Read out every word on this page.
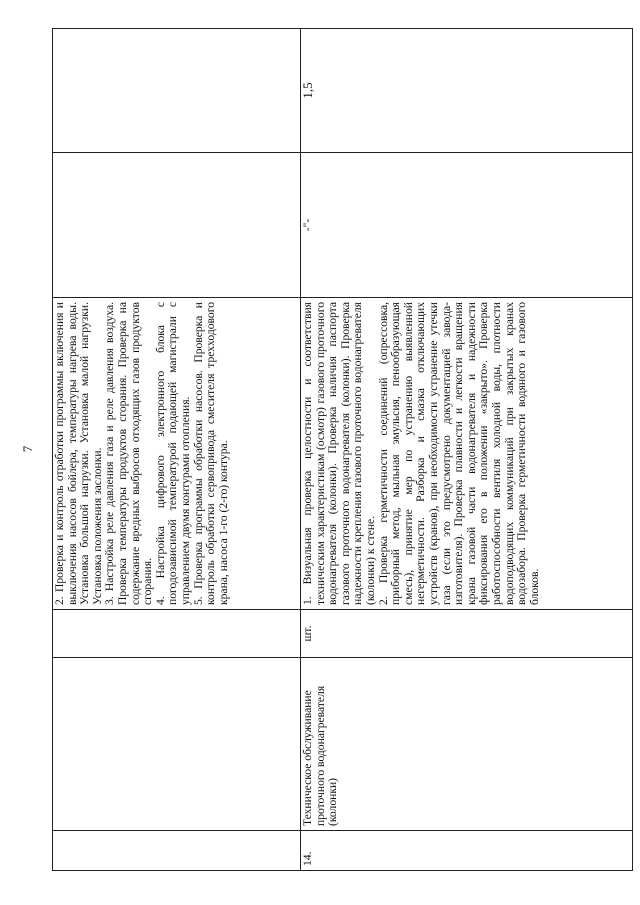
7

			2. Проверка и контроль отработки программы включения и выключения насосов бойлера, температуры нагрева воды. Установка большой нагрузки. Установка малой нагрузки. Установка положения заслонки. 3. Настройка реле давления газа и реле давления воздуха. Проверка температуры продуктов сгорания. Проверка на содержание вредных выбросов отходящих газов продуктов сгорания. 4. Настройка цифрового электронного блока с погодозависимой температурой подающей магистрали с управлением двумя контурами отопления. 5. Проверка программы обработки насосов. Проверка и контроль обработки сервопривода смесителя трехходового крана, насоса 1-го (2-го) контура.		

14.	Техническое обслуживание проточного водонагревателя (колонки)	шт.	1. Визуальная проверка целостности и соответствия техническим характеристикам (осмотр) газового проточного водонагревателя (колонки). Проверка наличия паспорта газового проточного водонагревателя (колонки). Проверка надежности крепления газового проточного водонагревателя (колонки) к стене. 2. Проверка герметичности соединений (опрессовка, приборный метод, мыльная эмульсия, пенообразующая смесь), принятие мер по устранению выявленной негерметичности. Разборка и смазка отключающих устройств (кранов), при необходимости устранение утечки газа (если это предусмотрено документацией завода-изготовителя). Проверка плавности и легкости вращения крана газовой части водонагревателя и надежности фиксирования его в положении «закрыто». Проверка работоспособности вентиля холодной воды, плотности водоподводящих коммуникаций при закрытых кранах водозабора. Проверка герметичности водяного и газового блоков.	-"-	1,5
